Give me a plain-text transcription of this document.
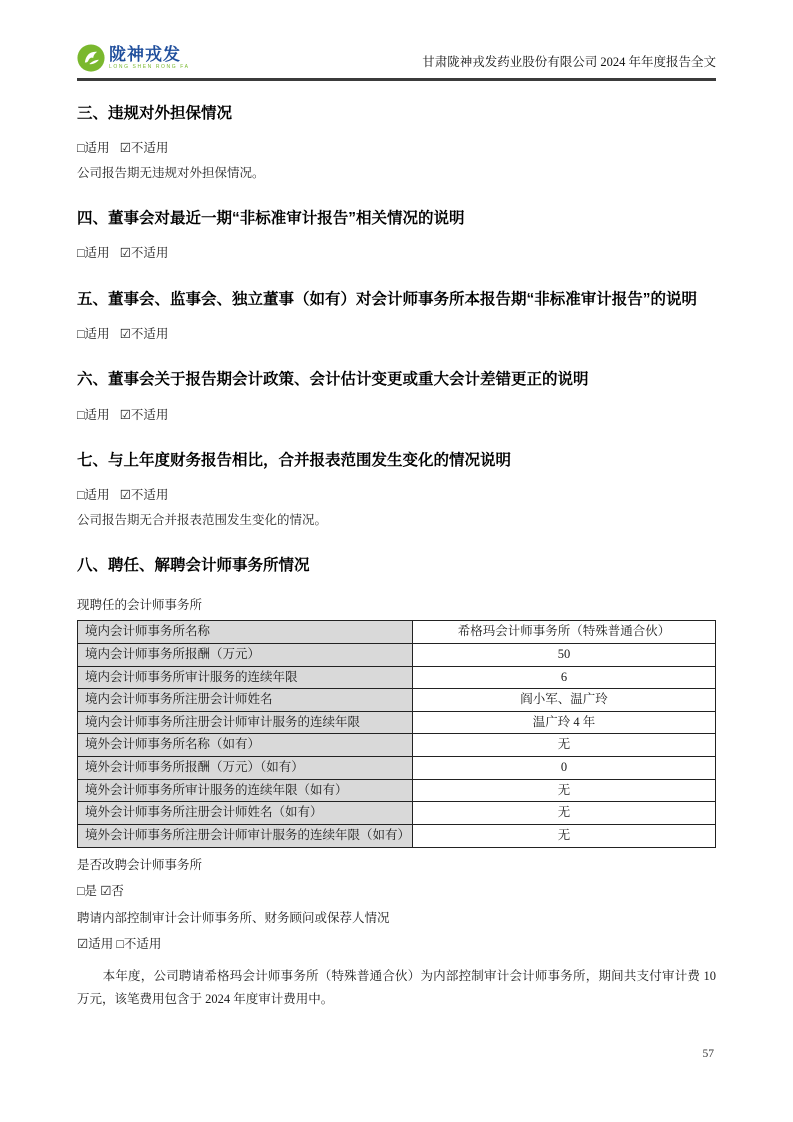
陇神戎发
LONG SHEN RONG FA	甘肃陇神戎发药业股份有限公司 2024 年年度报告全文
三、违规对外担保情况
□适用 ☑不适用
公司报告期无违规对外担保情况。
四、董事会对最近一期“非标准审计报告”相关情况的说明
□适用 ☑不适用
五、董事会、监事会、独立董事（如有）对会计师事务所本报告期“非标准审计报告”的说明
□适用 ☑不适用
六、董事会关于报告期会计政策、会计估计变更或重大会计差错更正的说明
□适用 ☑不适用
七、与上年度财务报告相比，合并报表范围发生变化的情况说明
□适用 ☑不适用
公司报告期无合并报表范围发生变化的情况。
八、聘任、解聘会计师事务所情况
现聘任的会计师事务所
境内会计师事务所名称	希格玛会计师事务所（特殊普通合伙）
境内会计师事务所报酬（万元）	50
境内会计师事务所审计服务的连续年限	6
境内会计师事务所注册会计师姓名	阎小军、温广玲
境内会计师事务所注册会计师审计服务的连续年限	温广玲 4 年
境外会计师事务所名称（如有）	无
境外会计师事务所报酬（万元）（如有）	0
境外会计师事务所审计服务的连续年限（如有）	无
境外会计师事务所注册会计师姓名（如有）	无
境外会计师事务所注册会计师审计服务的连续年限（如有）	无
是否改聘会计师事务所
□是 ☑否
聘请内部控制审计会计师事务所、财务顾问或保荐人情况
☑适用 □不适用

本年度，公司聘请希格玛会计师事务所（特殊普通合伙）为内部控制审计会计师事务所，期间共支付审计费 10 万元，该笔费用包含于 2024 年度审计费用中。

57
